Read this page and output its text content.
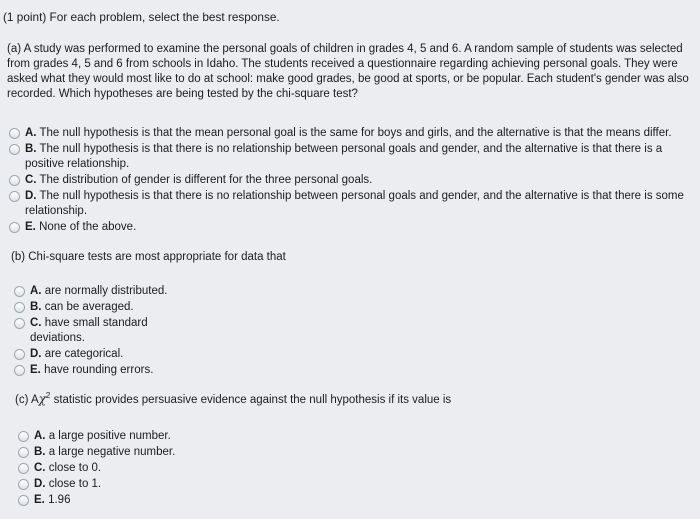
(1 point) For each problem, select the best response.
(a) A study was performed to examine the personal goals of children in grades 4, 5 and 6. A random sample of students was selected from grades 4, 5 and 6 from schools in Idaho. The students received a questionnaire regarding achieving personal goals. They were asked what they would most like to do at school: make good grades, be good at sports, or be popular. Each student's gender was also recorded. Which hypotheses are being tested by the chi-square test?
A. The null hypothesis is that the mean personal goal is the same for boys and girls, and the alternative is that the means differ.
B. The null hypothesis is that there is no relationship between personal goals and gender, and the alternative is that there is a positive relationship.
C. The distribution of gender is different for the three personal goals.
D. The null hypothesis is that there is no relationship between personal goals and gender, and the alternative is that there is some relationship.
E. None of the above.
(b) Chi-square tests are most appropriate for data that
A. are normally distributed.
B. can be averaged.
C. have small standard deviations.
D. are categorical.
E. have rounding errors.
(c) $A\chi^2$ statistic provides persuasive evidence against the null hypothesis if its value is
A. a large positive number.
B. a large negative number.
C. close to 0.
D. close to 1.
E. 1.96
